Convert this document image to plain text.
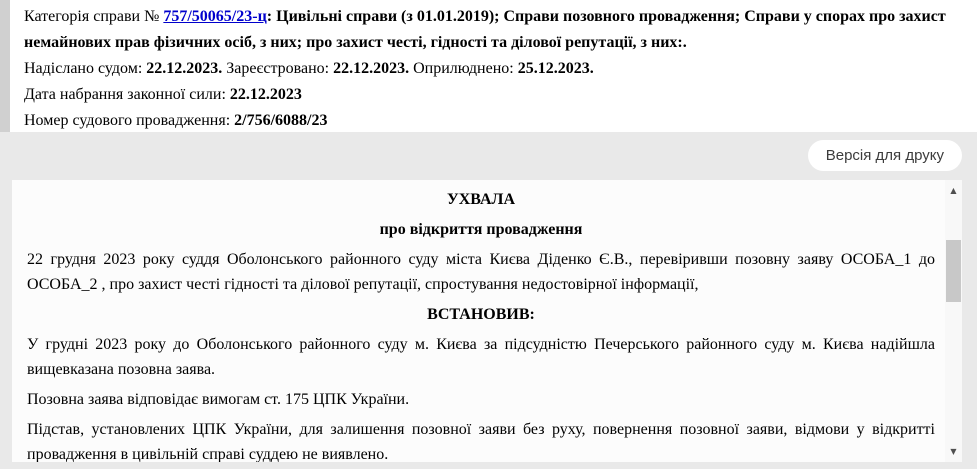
Категорія справи № 757/50065/23-ц: Цивільні справи (з 01.01.2019); Справи позовного провадження; Справи у спорах про захист немайнових прав фізичних осіб, з них; про захист честі, гідності та ділової репутації, з них:.
Надіслано судом: 22.12.2023. Зареєстровано: 22.12.2023. Оприлюднено: 25.12.2023.
Дата набрання законної сили: 22.12.2023
Номер судового провадження: 2/756/6088/23
Версія для друку
УХВАЛА
про відкриття провадження

22 грудня 2023 року суддя Оболонського районного суду міста Києва Діденко Є.В., перевіривши позовну заяву ОСОБА_1 до ОСОБА_2 , про захист честі гідності та ділової репутації, спростування недостовірної інформації,

ВСТАНОВИВ:

У грудні 2023 року до Оболонського районного суду м. Києва за підсудністю Печерського районного суду м. Києва надійшла вищевказана позовна заява.

Позовна заява відповідає вимогам ст. 175 ЦПК України.

Підстав, установлених ЦПК України, для залишення позовної заяви без руху, повернення позовної заяви, відмови у відкритті провадження в цивільній справі суддею не виявлено.

▲
▼
